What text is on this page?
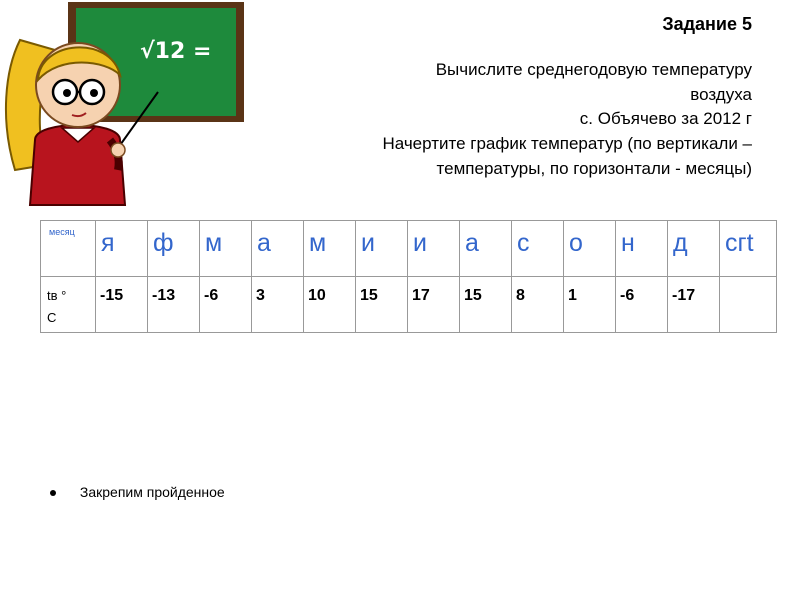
√12 =
Задание 5
Вычислите среднегодовую температуру
воздуха
с. Объячево за 2012 г
Начертите график температур (по вертикали –
температуры, по горизонтали - месяцы)
месяц	я	ф	м	а	м	и	и	а	с	о	н	д	сгt

tв °
С	-15	-13	-6	3	10	15	17	15	8	1	-6	-17	

Закрепим пройденное
